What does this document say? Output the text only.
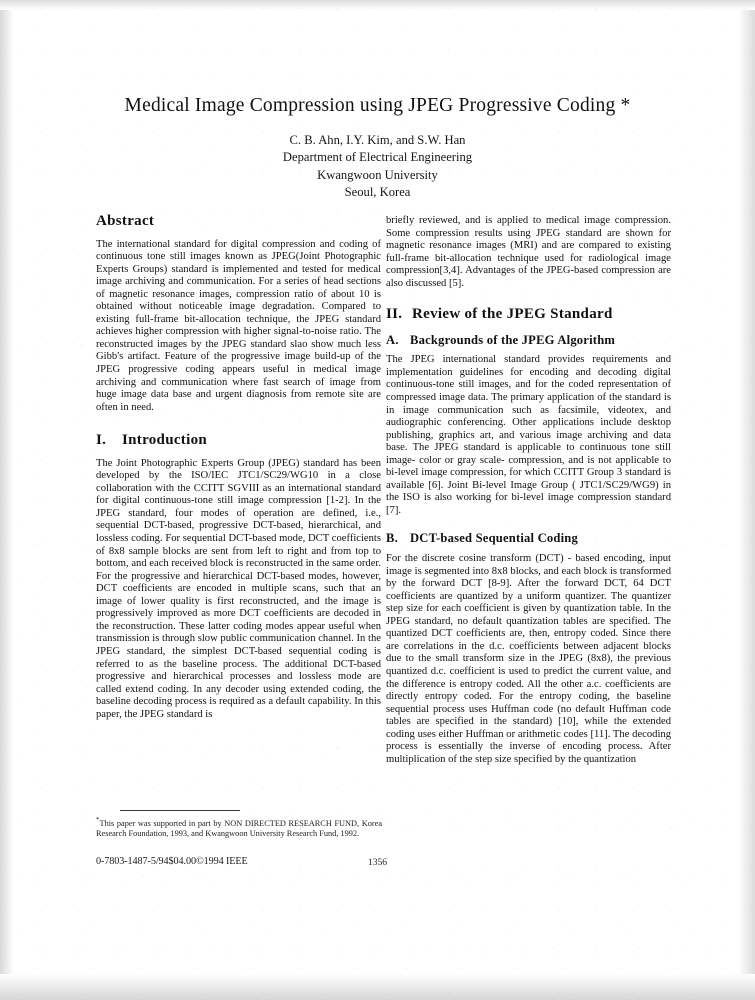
Medical Image Compression using JPEG Progressive Coding *
C. B. Ahn, I.Y. Kim, and S.W. Han
Department of Electrical Engineering
Kwangwoon University
Seoul, Korea
Abstract

The international standard for digital compression and coding of continuous tone still images known as JPEG(Joint Photographic Experts Groups) standard is implemented and tested for medical image archiving and communication. For a series of head sections of magnetic resonance images, compression ratio of about 10 is obtained without noticeable image degradation. Compared to existing full-frame bit-allocation technique, the JPEG standard achieves higher compression with higher signal-to-noise ratio. The reconstructed images by the JPEG standard slao show much less Gibb's artifact. Feature of the progressive image build-up of the JPEG progressive coding appears useful in medical image archiving and communication where fast search of image from huge image data base and urgent diagnosis from remote site are often in need.

I. Introduction

The Joint Photographic Experts Group (JPEG) standard has been developed by the ISO/IEC JTC1/SC29/WG10 in a close collaboration with the CCITT SGVIII as an international standard for digital continuous-tone still image compression [1-2]. In the JPEG standard, four modes of operation are defined, i.e., sequential DCT-based, progressive DCT-based, hierarchical, and lossless coding. For sequential DCT-based mode, DCT coefficients of 8x8 sample blocks are sent from left to right and from top to bottom, and each received block is reconstructed in the same order. For the progressive and hierarchical DCT-based modes, however, DCT coefficients are encoded in multiple scans, such that an image of lower quality is first reconstructed, and the image is progressively improved as more DCT coefficients are decoded in the reconstruction. These latter coding modes appear useful when transmission is through slow public communication channel. In the JPEG standard, the simplest DCT-based sequential coding is referred to as the baseline process. The additional DCT-based progressive and hierarchical processes and lossless mode are called extend coding. In any decoder using extended coding, the baseline decoding process is required as a default capability. In this paper, the JPEG standard is

briefly reviewed, and is applied to medical image compression. Some compression results using JPEG standard are shown for magnetic resonance images (MRI) and are compared to existing full-frame bit-allocation technique used for radiological image compression[3,4]. Advantages of the JPEG-based compression are also discussed [5].

II. Review of the JPEG Standard
A. Backgrounds of the JPEG Algorithm

The JPEG international standard provides requirements and implementation guidelines for encoding and decoding digital continuous-tone still images, and for the coded representation of compressed image data. The primary application of the standard is in image communication such as facsimile, videotex, and audiographic conferencing. Other applications include desktop publishing, graphics art, and various image archiving and data base. The JPEG standard is applicable to continuous tone still image- color or gray scale- compression, and is not applicable to bi-level image compression, for which CCITT Group 3 standard is available [6]. Joint Bi-level Image Group ( JTC1/SC29/WG9) in the ISO is also working for bi-level image compression standard [7].

B. DCT-based Sequential Coding

For the discrete cosine transform (DCT) - based encoding, input image is segmented into 8x8 blocks, and each block is transformed by the forward DCT [8-9]. After the forward DCT, 64 DCT coefficients are quantized by a uniform quantizer. The quantizer step size for each coefficient is given by quantization table. In the JPEG standard, no default quantization tables are specified. The quantized DCT coefficients are, then, entropy coded. Since there are correlations in the d.c. coefficients between adjacent blocks due to the small transform size in the JPEG (8x8), the previous quantized d.c. coefficient is used to predict the current value, and the difference is entropy coded. All the other a.c. coefficients are directly entropy coded. For the entropy coding, the baseline sequential process uses Huffman code (no default Huffman code tables are specified in the standard) [10], while the extended coding uses either Huffman or arithmetic codes [11]. The decoding process is essentially the inverse of encoding process. After multiplication of the step size specified by the quantization

*This paper was supported in part by NON DIRECTED RESEARCH FUND, Korea Research Foundation, 1993, and Kwangwoon University Research Fund, 1992.
0-7803-1487-5/94$04.00©1994 IEEE	1356
